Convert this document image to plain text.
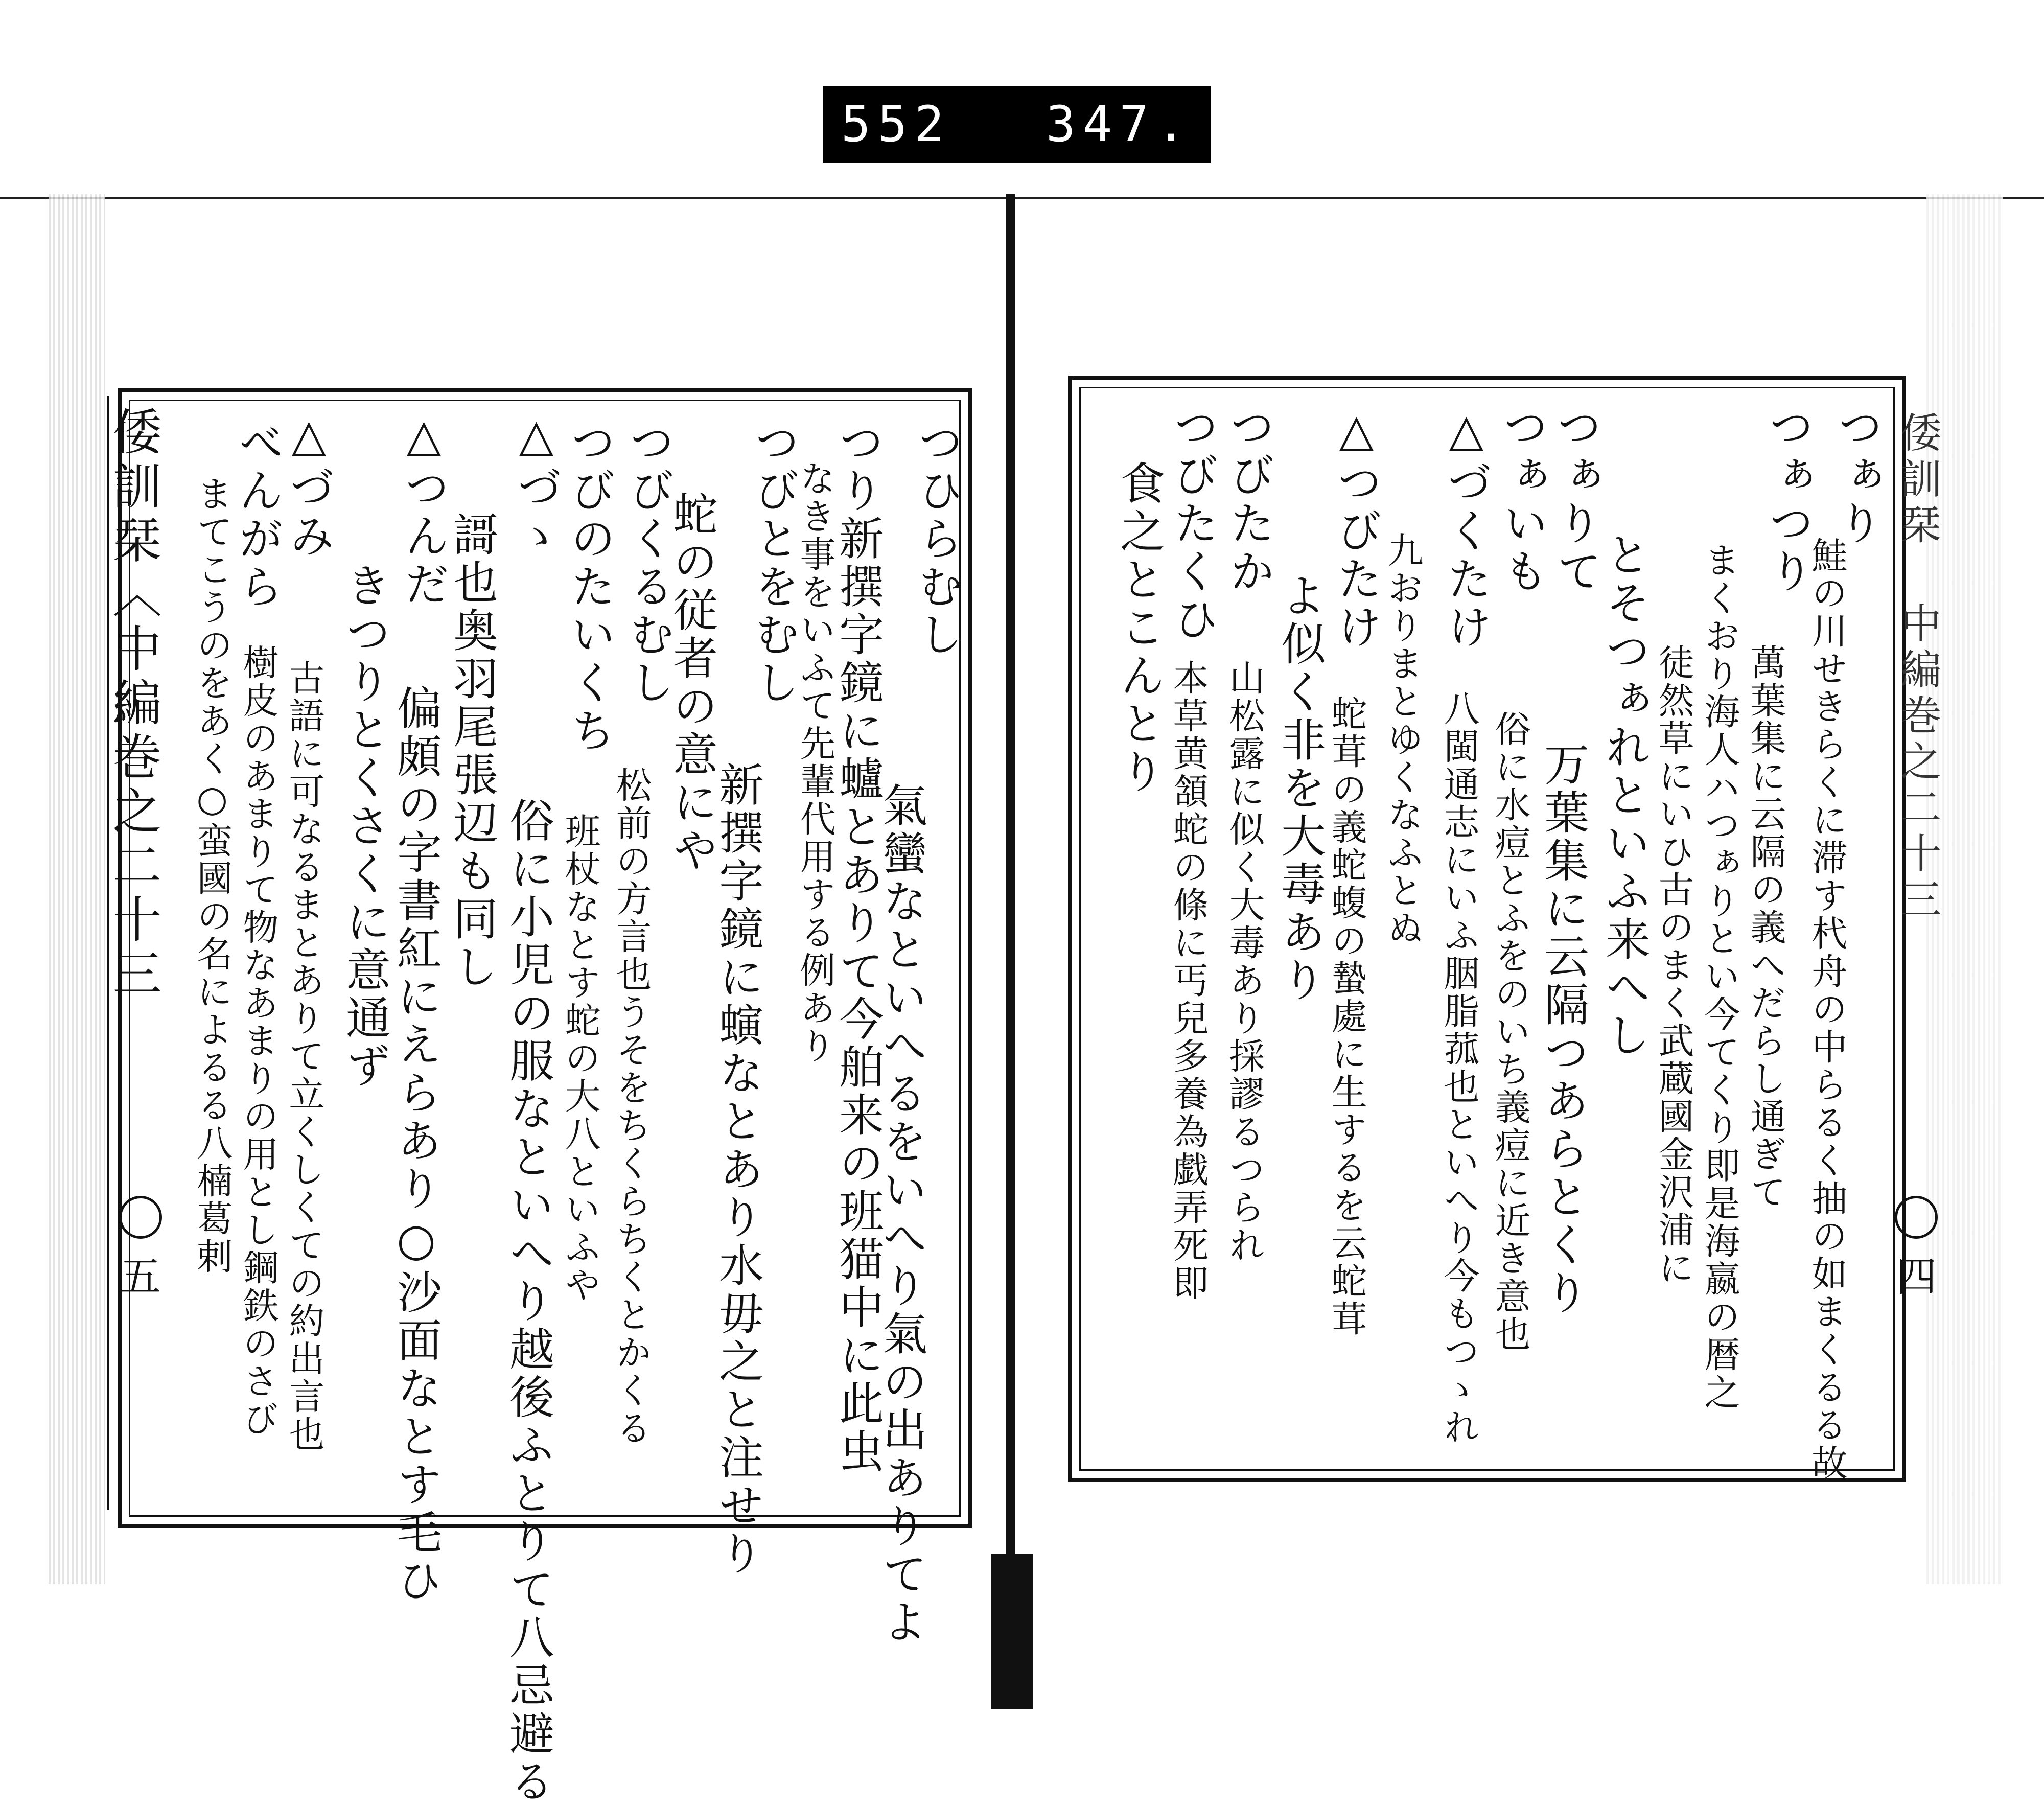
552 347.
倭訓栞〈中編巻之二十三
五
つひらむし
氣蠻なといへるをいへり氣の出ありてよ
つり新撰字鏡に蠦とありて今舶来の班猫中に此虫
なき事をいふて先輩代用する例あり
つびとをむし
新撰字鏡に螾なとあり水毋之と注せり
蛇の従者の意にや
つびくるむし
松前の方言也うそをちくらちくとかくる
つびのたいくち
班杖なとす蛇の大八といふや
△づゝ
俗に小児の服なといへり越後ふとりて八忌避る
謌也奥羽尾張辺も同し
△つんだ
偏頗の字書紅にえらあり○沙面なとす毛ひ
きつりとくさくに意通ず
△づみ
古語に可なるまとありて立くしくての約出言也
べんがら
樹皮のあまりて物なあまりの用とし鋼鉄のさび
まてこうのをあく○蛮國の名によるる八楠葛剌	倭訓栞 中編巻之二十三
四
つぁり
鮭の川せきらくに滞す杙舟の中らるく抽の如まくるる故
つぁつり
萬葉集に云隔の義へだらし通ぎて
まくおり海人ハつぁりとい今てくり即是海嬴の暦之
徒然草にいひ古のまく武蔵國金沢浦に
とそつぁれといふ来へし
つぁりて
万葉集に云隔つあらとくり
つぁいも
俗に水痘とふをのいち義痘に近き意也
△づくたけ
八閩通志にいふ胭脂菰也といへり今もつゝれ
九おりまとゆくなふとぬ
△つびたけ
蛇茸の義蛇蝮の蟄處に生するを云蛇茸
よ似く非を大毒あり
つびたか
山松露に似く大毒あり採謬るつられ
つびたくひ
本草黄頷蛇の條に丐兒多養為戯弄死即
食之とこんとり
